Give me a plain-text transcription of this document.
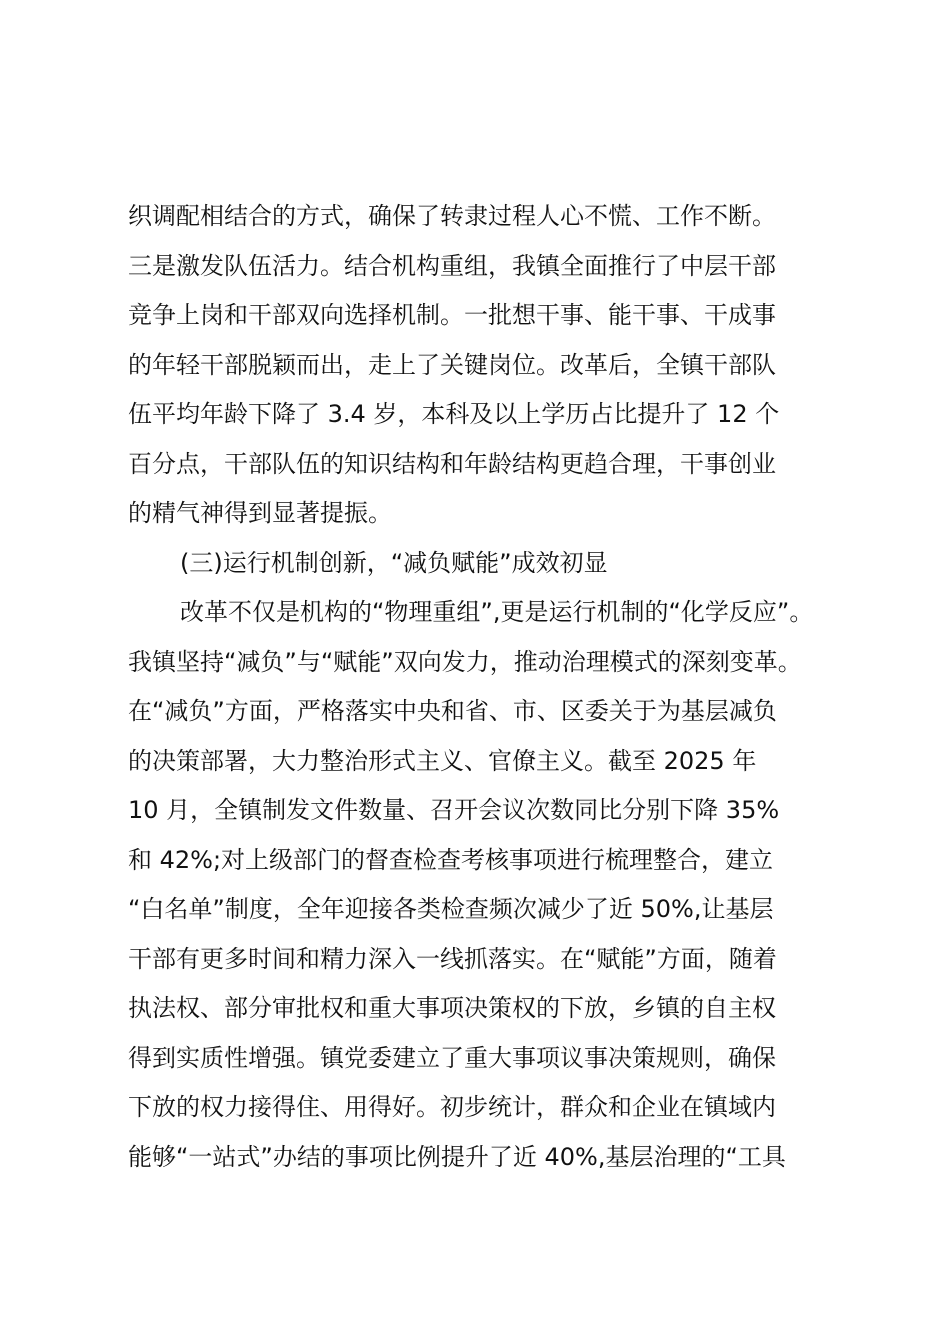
织调配相结合的方式，确保了转隶过程人心不慌、工作不断。

三是激发队伍活力。结合机构重组，我镇全面推行了中层干部

竞争上岗和干部双向选择机制。一批想干事、能干事、干成事

的年轻干部脱颖而出，走上了关键岗位。改革后，全镇干部队

伍平均年龄下降了 3.4 岁，本科及以上学历占比提升了 12 个

百分点，干部队伍的知识结构和年龄结构更趋合理，干事创业

的精气神得到显著提振。

(三)运行机制创新，“减负赋能”成效初显

改革不仅是机构的“物理重组”,更是运行机制的“化学反应”。

我镇坚持“减负”与“赋能”双向发力，推动治理模式的深刻变革。

在“减负”方面，严格落实中央和省、市、区委关于为基层减负

的决策部署，大力整治形式主义、官僚主义。截至 2025 年

10 月，全镇制发文件数量、召开会议次数同比分别下降 35%

和 42%;对上级部门的督查检查考核事项进行梳理整合，建立

“白名单”制度，全年迎接各类检查频次减少了近 50%,让基层

干部有更多时间和精力深入一线抓落实。在“赋能”方面，随着

执法权、部分审批权和重大事项决策权的下放，乡镇的自主权

得到实质性增强。镇党委建立了重大事项议事决策规则，确保

下放的权力接得住、用得好。初步统计，群众和企业在镇域内

能够“一站式”办结的事项比例提升了近 40%,基层治理的“工具
